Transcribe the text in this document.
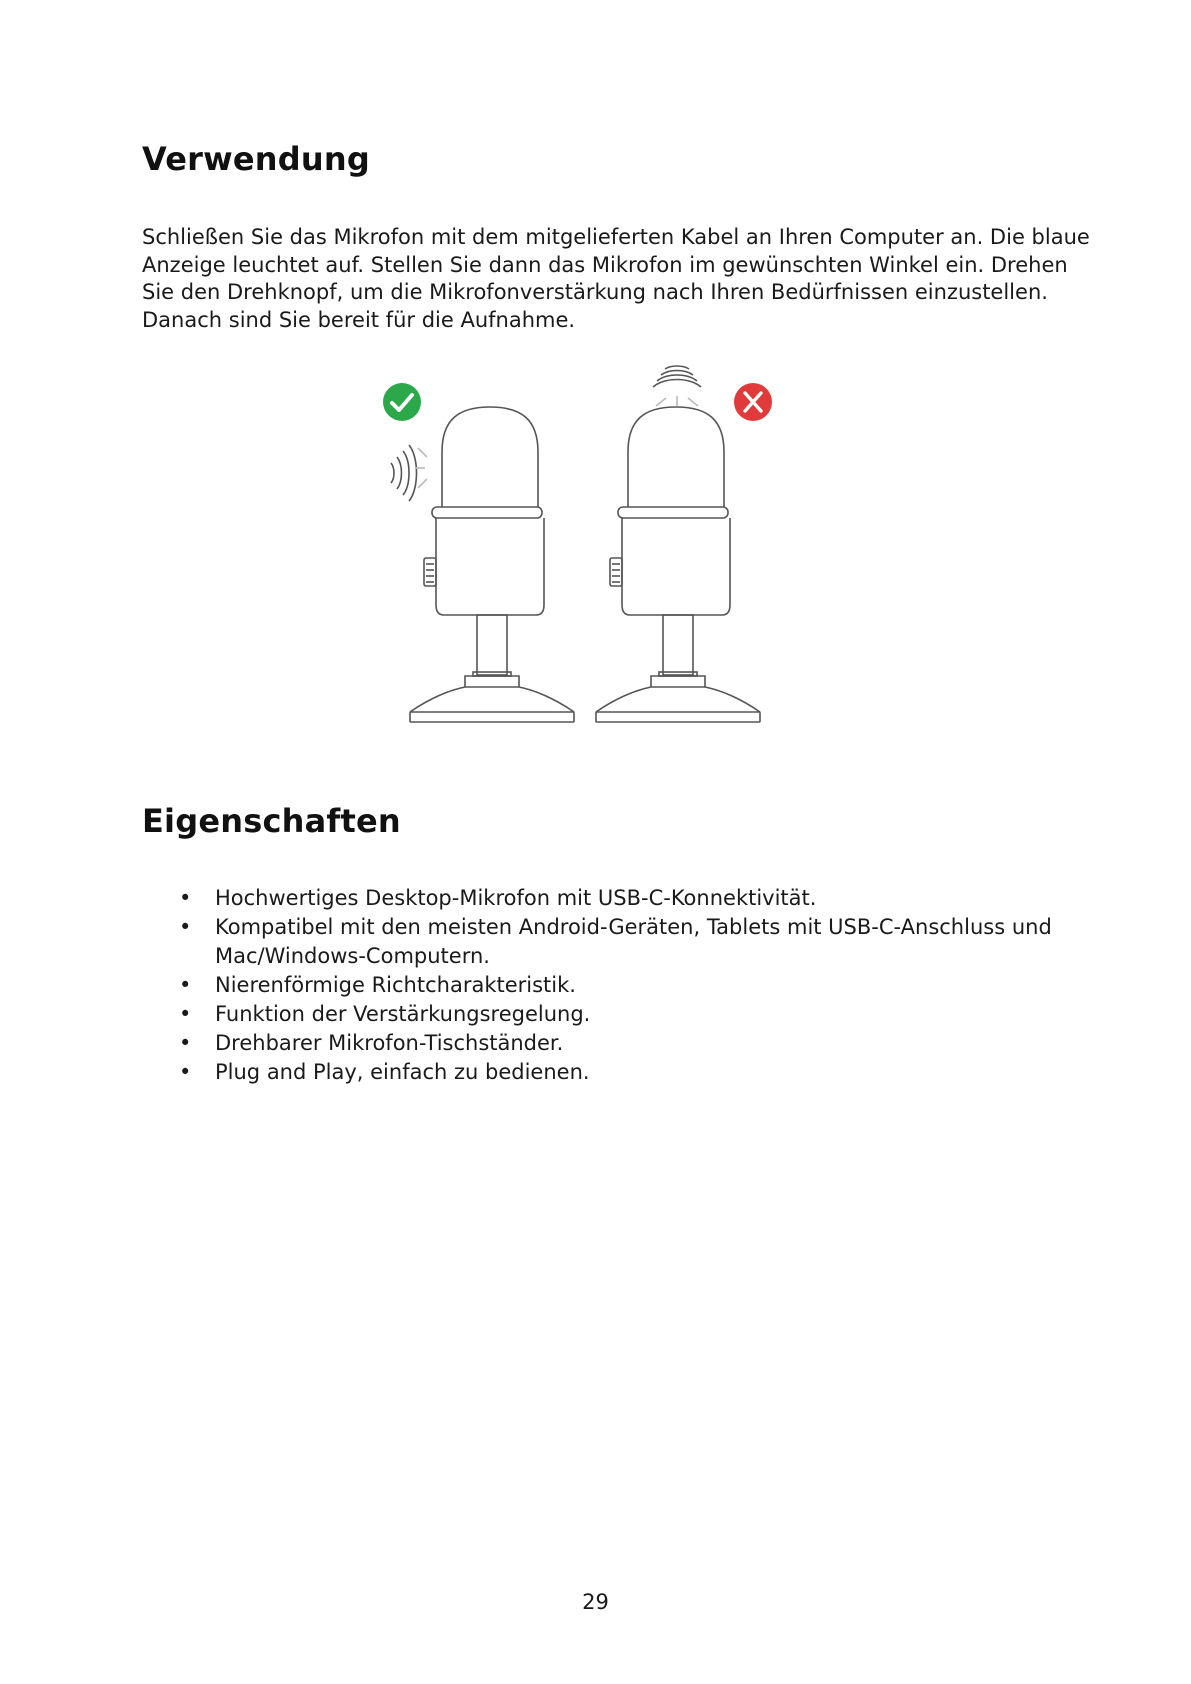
Verwendung

Schließen Sie das Mikrofon mit dem mitgelieferten Kabel an Ihren Computer an. Die blaue
Anzeige leuchtet auf. Stellen Sie dann das Mikrofon im gewünschten Winkel ein. Drehen
Sie den Drehknopf, um die Mikrofonverstärkung nach Ihren Bedürfnissen einzustellen.
Danach sind Sie bereit für die Aufnahme.

Eigenschaften
• Hochwertiges Desktop-Mikrofon mit USB-C-Konnektivität.
• Kompatibel mit den meisten Android-Geräten, Tablets mit USB-C-Anschluss und
Mac/Windows-Computern.
• Nierenförmige Richtcharakteristik.
• Funktion der Verstärkungsregelung.
• Drehbarer Mikrofon-Tischständer.
• Plug and Play, einfach zu bedienen.
29
